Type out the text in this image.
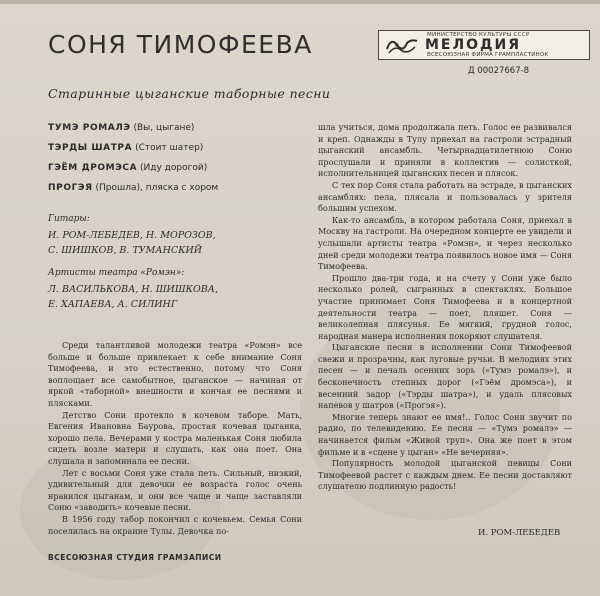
СОНЯ ТИМОФЕЕВА	МИНИСТЕРСТВО КУЛЬТУРЫ СССР
МЕЛОДИЯ
ВСЕСОЮЗНАЯ ФИРМА ГРАМПЛАСТИНОК
Д 00027667-8
Старинные цыганские таборные песни
ТУМЭ РОМАЛЭ (Вы, цыгане)
ТЭРДЫ ШАТРА (Стоит шатер)
ГЭЁМ ДРОМЭСА (Иду дорогой)
ПРОГЭЯ (Прошла), пляска с хором
Гитары:
И. РОМ-ЛЕБЕДЕВ, Н. МОРОЗОВ,
С. ШИШКОВ, В. ТУМАНСКИЙ
Артисты театра «Ромэн»:
Л. ВАСИЛЬКОВА, Н. ШИШКОВА,
Е. ХАПАЕВА, А. СИЛИНГ

Среди талантливой молодежи театра «Ромэн» все больше и больше привлекает к себе внимание Соня Тимофеева, и это естественно, потому что Соня воплощает все самобытное, цыганское — начиная от яркой «таборной» внешности и кончая ее песнями и плясками.

Детство Сони протекло в кочевом таборе. Мать, Евгения Ивановна Баурова, простая кочевая цыганка, хорошо пела. Вечерами у костра маленькая Соня любила сидеть возле матери и слушать, как она поет. Она слушала и запоминала ее песни.

Лет с восьми Соня уже стала петь. Сильный, низкий, удивительный для девочки ее возраста голос очень нравился цыганам, и они все чаще и чаще заставляли Соню «заводить» кочевые песни.

В 1956 году табор покончил с кочевьем. Семья Сони поселилась на окраине Тулы. Девочка по-

шла учиться, дома продолжала петь. Голос ее развивался и креп. Однажды в Тулу приехал на гастроли эстрадный цыганский ансамбль. Четырнадцатилетнюю Соню прослушали и приняли в коллектив — солисткой, исполнительницей цыганских песен и плясок.

С тех пор Соня стала работать на эстраде, в цыганских ансамблях: пела, плясала и пользовалась у зрителя большим успехом.

Как-то ансамбль, в котором работала Соня, приехал в Москву на гастроли. На очередном концерте ее увидели и услышали артисты театра «Ромэн», и через несколько дней среди молодежи театра появилось новое имя — Соня Тимофеева.

Прошло два-три года, и на счету у Сони уже было несколько ролей, сыгранных в спектаклях. Большое участие принимает Соня Тимофеева и в концертной деятельности театра — поет, пляшет. Соня — великолепная плясунья. Ее мягкий, грудной голос, народная манера исполнения покоряют слушателя.

Цыганские песни в исполнении Сони Тимофеевой свежи и прозрачны, как луговые ручьи. В мелодиях этих песен — и печаль осенних зорь («Тумэ ромалэ»), и бесконечность степных дорог («Гэём дромэса»), и весенний задор («Тэрды шатра»), и удаль плясовых напевов у шатров («Прогэя»).

Многие теперь знают ее имя!.. Голос Сони звучит по радио, по телевидению. Ее песня — «Тумэ ромалэ» — начинается фильм «Живой труп». Она же поет в этом фильме и в «сцене у цыган» «Не вечерняя».

Популярность молодой цыганской певицы Сони Тимофеевой растет с каждым днем. Ее песни доставляют слушателю подлинную радость!

И. РОМ-ЛЕБЕДЕВ
ВСЕСОЮЗНАЯ СТУДИЯ ГРАМЗАПИСИ
